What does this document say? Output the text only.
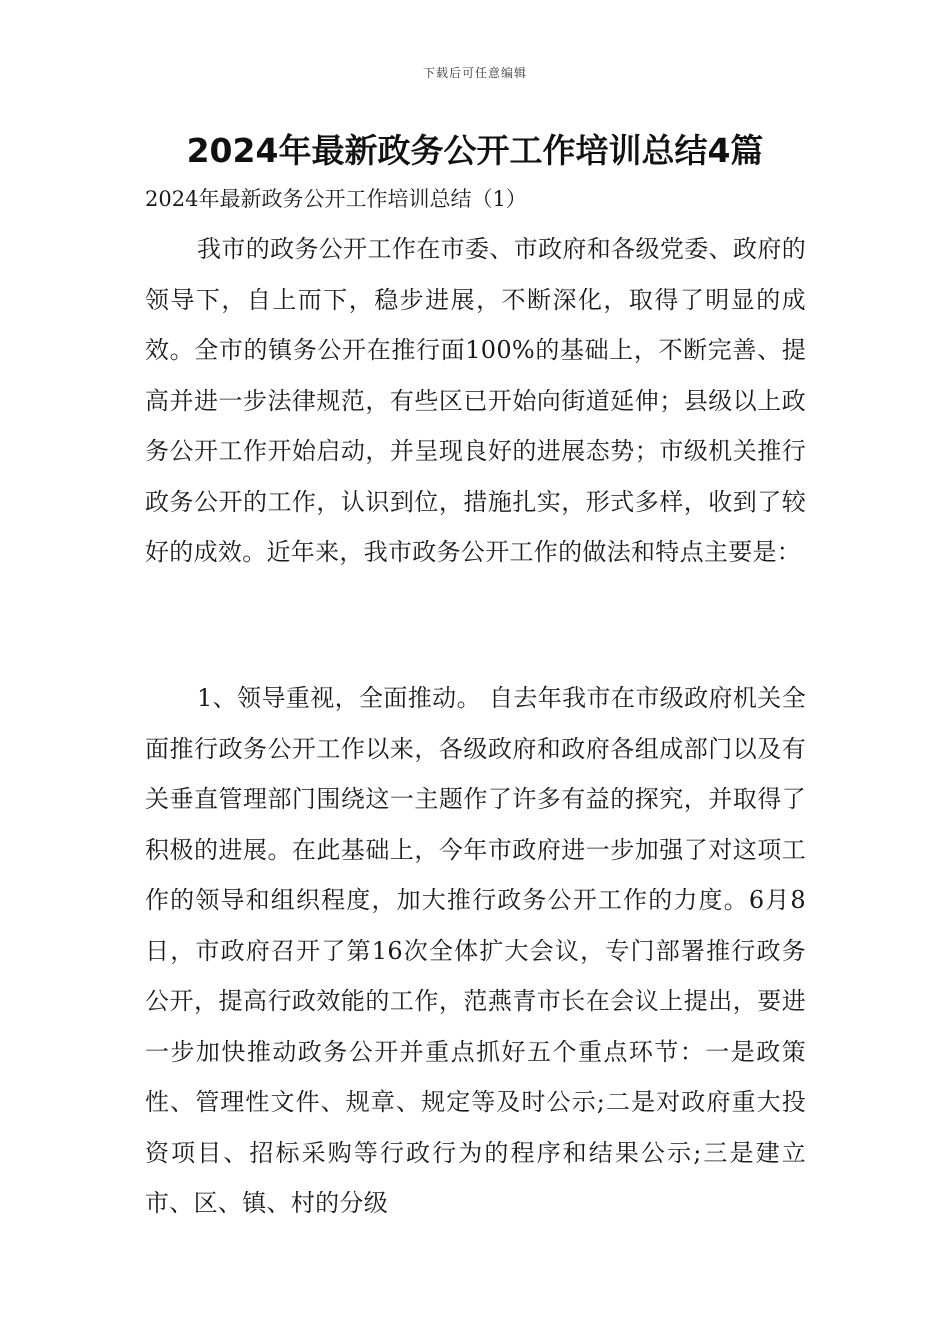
下载后可任意编辑
2024年最新政务公开工作培训总结4篇

2024年最新政务公开工作培训总结（1）

我市的政务公开工作在市委、市政府和各级党委、政府的领导下，自上而下，稳步进展，不断深化，取得了明显的成效。全市的镇务公开在推行面100%的基础上，不断完善、提高并进一步法律规范，有些区已开始向街道延伸；县级以上政务公开工作开始启动，并呈现良好的进展态势；市级机关推行政务公开的工作，认识到位，措施扎实，形式多样，收到了较好的成效。近年来，我市政务公开工作的做法和特点主要是：

1、领导重视，全面推动。 自去年我市在市级政府机关全面推行政务公开工作以来，各级政府和政府各组成部门以及有关垂直管理部门围绕这一主题作了许多有益的探究，并取得了积极的进展。在此基础上，今年市政府进一步加强了对这项工作的领导和组织程度，加大推行政务公开工作的力度。6月8日，市政府召开了第16次全体扩大会议，专门部署推行政务公开，提高行政效能的工作，范燕青市长在会议上提出，要进一步加快推动政务公开并重点抓好五个重点环节：一是政策性、管理性文件、规章、规定等及时公示;二是对政府重大投资项目、招标采购等行政行为的程序和结果公示;三是建立市、区、镇、村的分级
